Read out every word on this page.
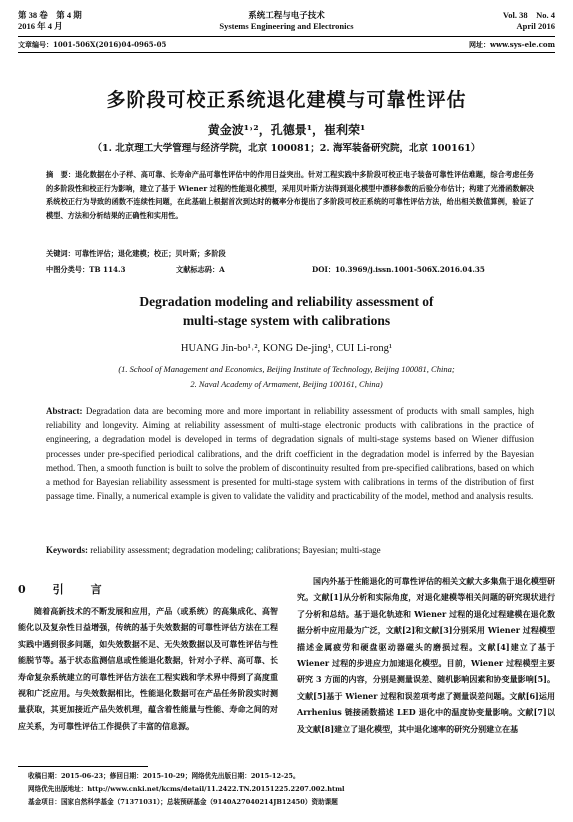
第 38 卷　第 4 期
2016 年 4 月
系统工程与电子技术
Systems Engineering and Electronics
Vol. 38　No. 4
April 2016
文章编号：1001-506X(2016)04-0965-05	网址：www.sys-ele.com
多阶段可校正系统退化建模与可靠性评估
黄金波¹˒²，孔德景¹，崔利荣¹
（1. 北京理工大学管理与经济学院，北京 100081；2. 海军装备研究院，北京 100161）
摘　要：退化数据在小子样、高可靠、长寿命产品可靠性评估中的作用日益突出。针对工程实践中多阶段可校正电子装备可靠性评估难题，综合考虑任务的多阶段性和校正行为影响，建立了基于 Wiener 过程的性能退化模型，采用贝叶斯方法得到退化模型中漂移参数的后验分布估计；构建了光滑函数解决系统校正行为导致的函数不连续性问题，在此基础上根据首次到达时的概率分布提出了多阶段可校正系统的可靠性评估方法，给出相关数值算例，验证了模型、方法和分析结果的正确性和实用性。
关键词：可靠性评估；退化建模；校正；贝叶斯；多阶段
中图分类号：TB 114.3	文献标志码：A	DOI：10.3969/j.issn.1001-506X.2016.04.35
Degradation modeling and reliability assessment of
multi-stage system with calibrations
HUANG Jin-bo¹˒², KONG De-jing¹, CUI Li-rong¹
(1. School of Management and Economics, Beijing Institute of Technology, Beijing 100081, China;
2. Naval Academy of Armament, Beijing 100161, China)
Abstract: Degradation data are becoming more and more important in reliability assessment of products with small samples, high reliability and longevity. Aiming at reliability assessment of multi-stage electronic products with calibrations in the practice of engineering, a degradation model is developed in terms of degradation signals of multi-stage systems based on Wiener diffusion processes under pre-specified periodical calibrations, and the drift coefficient in the degradation model is inferred by the Bayesian method. Then, a smooth function is built to solve the problem of discontinuity resulted from pre-specified calibrations, based on which a method for Bayesian reliability assessment is presented for multi-stage system with calibrations in terms of the distribution of first passage time. Finally, a numerical example is given to validate the validity and practicability of the model, method and analysis results.
Keywords: reliability assessment; degradation modeling; calibrations; Bayesian; multi-stage
0　引　言
随着高新技术的不断发展和应用，产品（或系统）的高集成化、高智能化以及复杂性日益增强，传统的基于失效数据的可靠性评估方法在工程实践中遇到很多问题，如失效数据不足、无失效数据以及可靠性评估与性能脱节等。基于状态监测信息或性能退化数据，针对小子样、高可靠、长寿命复杂系统建立的可靠性评估方法在工程实践和学术界中得到了高度重视和广泛应用。与失效数据相比，性能退化数据可在产品任务阶段实时测量获取，其更加接近产品失效机理，蕴含着性能量与性能、寿命之间的对应关系，为可靠性评估工作提供了丰富的信息源。
国内外基于性能退化的可靠性评估的相关文献大多集焦于退化模型研究。文献[1]从分析和实际角度，对退化建模等相关问题的研究现状进行了分析和总结。基于退化轨迹和 Wiener 过程的退化过程建模在退化数据分析中应用最为广泛，文献[2]和文献[3]分别采用 Wiener 过程模型描述金属疲劳和硬盘驱动器磁头的磨损过程。文献[4]建立了基于 Wiener 过程的步进应力加速退化模型。目前，Wiener 过程模型主要研究 3 方面的内容，分别是测量误差、随机影响因素和协变量影响[5]。文献[5]基于 Wiener 过程和误差项考虑了测量误差问题。文献[6]运用 Arrhenius 链接函数描述 LED 退化中的温度协变量影响。文献[7]以及文献[8]建立了退化模型，其中退化速率的研究分别建立在基
收稿日期：2015-06-23；修回日期：2015-10-29；网络优先出版日期：2015-12-25。
网络优先出版地址：http://www.cnki.net/kcms/detail/11.2422.TN.20151225.2207.002.html
基金项目：国家自然科学基金（71371031）；总装预研基金（9140A27040214JB12450）资助课题
